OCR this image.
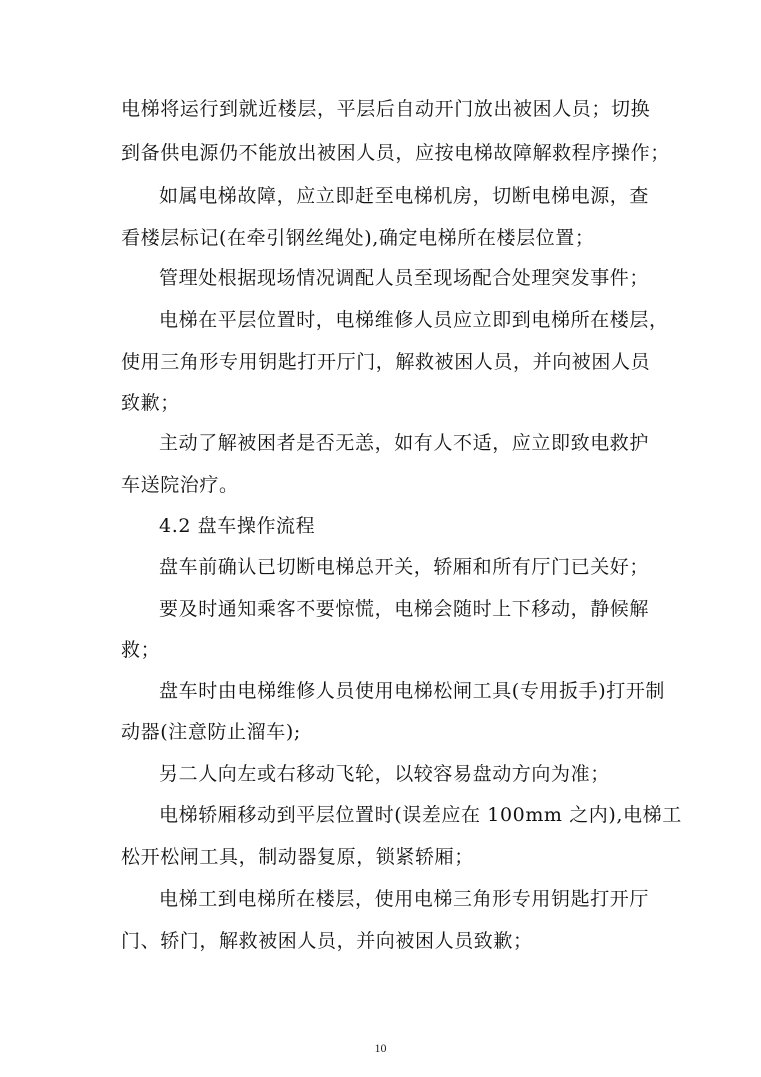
电梯将运行到就近楼层，平层后自动开门放出被困人员；切换
到备供电源仍不能放出被困人员，应按电梯故障解救程序操作；
如属电梯故障，应立即赶至电梯机房，切断电梯电源，查
看楼层标记(在牵引钢丝绳处),确定电梯所在楼层位置；
管理处根据现场情况调配人员至现场配合处理突发事件；
电梯在平层位置时，电梯维修人员应立即到电梯所在楼层，
使用三角形专用钥匙打开厅门，解救被困人员，并向被困人员
致歉；
主动了解被困者是否无恙，如有人不适，应立即致电救护
车送院治疗。
4.2 盘车操作流程
盘车前确认已切断电梯总开关，轿厢和所有厅门已关好；
要及时通知乘客不要惊慌，电梯会随时上下移动，静候解
救；
盘车时由电梯维修人员使用电梯松闸工具(专用扳手)打开制
动器(注意防止溜车);
另二人向左或右移动飞轮，以较容易盘动方向为准；
电梯轿厢移动到平层位置时(误差应在 100mm 之内),电梯工
松开松闸工具，制动器复原，锁紧轿厢；
电梯工到电梯所在楼层，使用电梯三角形专用钥匙打开厅
门、轿门，解救被困人员，并向被困人员致歉；
10
